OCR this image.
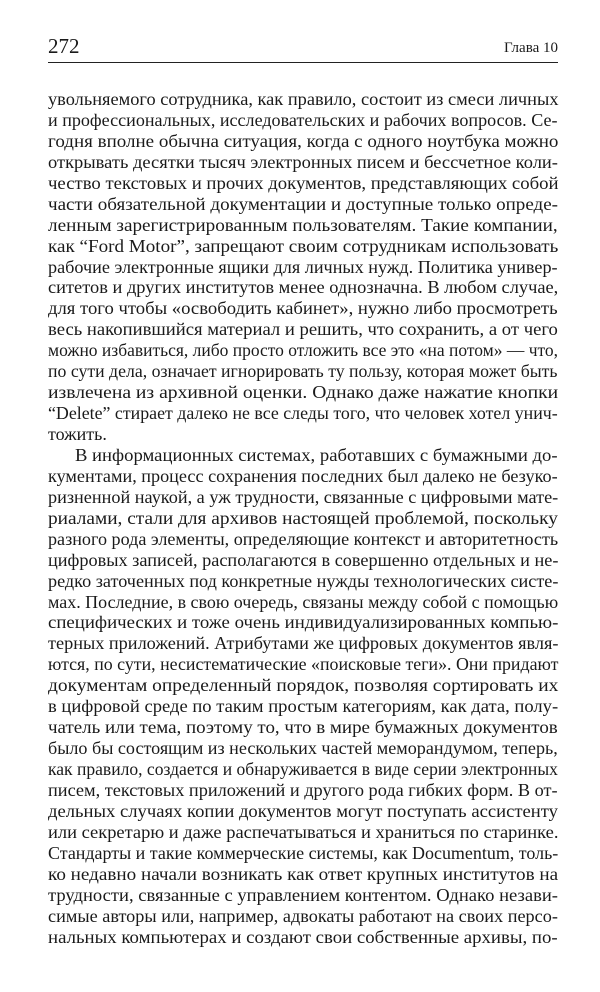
272	Глава 10
увольняемого сотрудника, как правило, состоит из смеси личных
и профессиональных, исследовательских и рабочих вопросов. Се-
годня вполне обычна ситуация, когда с одного ноутбука можно
открывать десятки тысяч электронных писем и бессчетное коли-
чество текстовых и прочих документов, представляющих собой
части обязательной документации и доступные только опреде-
ленным зарегистрированным пользователям. Такие компании,
как “Ford Motor”, запрещают своим сотрудникам использовать
рабочие электронные ящики для личных нужд. Политика универ-
ситетов и других институтов менее однозначна. В любом случае,
для того чтобы «освободить кабинет», нужно либо просмотреть
весь накопившийся материал и решить, что сохранить, а от чего
можно избавиться, либо просто отложить все это «на потом» — что,
по сути дела, означает игнорировать ту пользу, которая может быть
извлечена из архивной оценки. Однако даже нажатие кнопки
“Delete” стирает далеко не все следы того, что человек хотел унич-
тожить.
В информационных системах, работавших с бумажными до-
кументами, процесс сохранения последних был далеко не безуко-
ризненной наукой, а уж трудности, связанные с цифровыми мате-
риалами, стали для архивов настоящей проблемой, поскольку
разного рода элементы, определяющие контекст и авторитетность
цифровых записей, располагаются в совершенно отдельных и не-
редко заточенных под конкретные нужды технологических систе-
мах. Последние, в свою очередь, связаны между собой с помощью
специфических и тоже очень индивидуализированных компью-
терных приложений. Атрибутами же цифровых документов явля-
ются, по сути, несистематические «поисковые теги». Они придают
документам определенный порядок, позволяя сортировать их
в цифровой среде по таким простым категориям, как дата, полу-
чатель или тема, поэтому то, что в мире бумажных документов
было бы состоящим из нескольких частей меморандумом, теперь,
как правило, создается и обнаруживается в виде серии электронных
писем, текстовых приложений и другого рода гибких форм. В от-
дельных случаях копии документов могут поступать ассистенту
или секретарю и даже распечатываться и храниться по старинке.
Стандарты и такие коммерческие системы, как Documentum, толь-
ко недавно начали возникать как ответ крупных институтов на
трудности, связанные с управлением контентом. Однако незави-
симые авторы или, например, адвокаты работают на своих персо-
нальных компьютерах и создают свои собственные архивы, по-
